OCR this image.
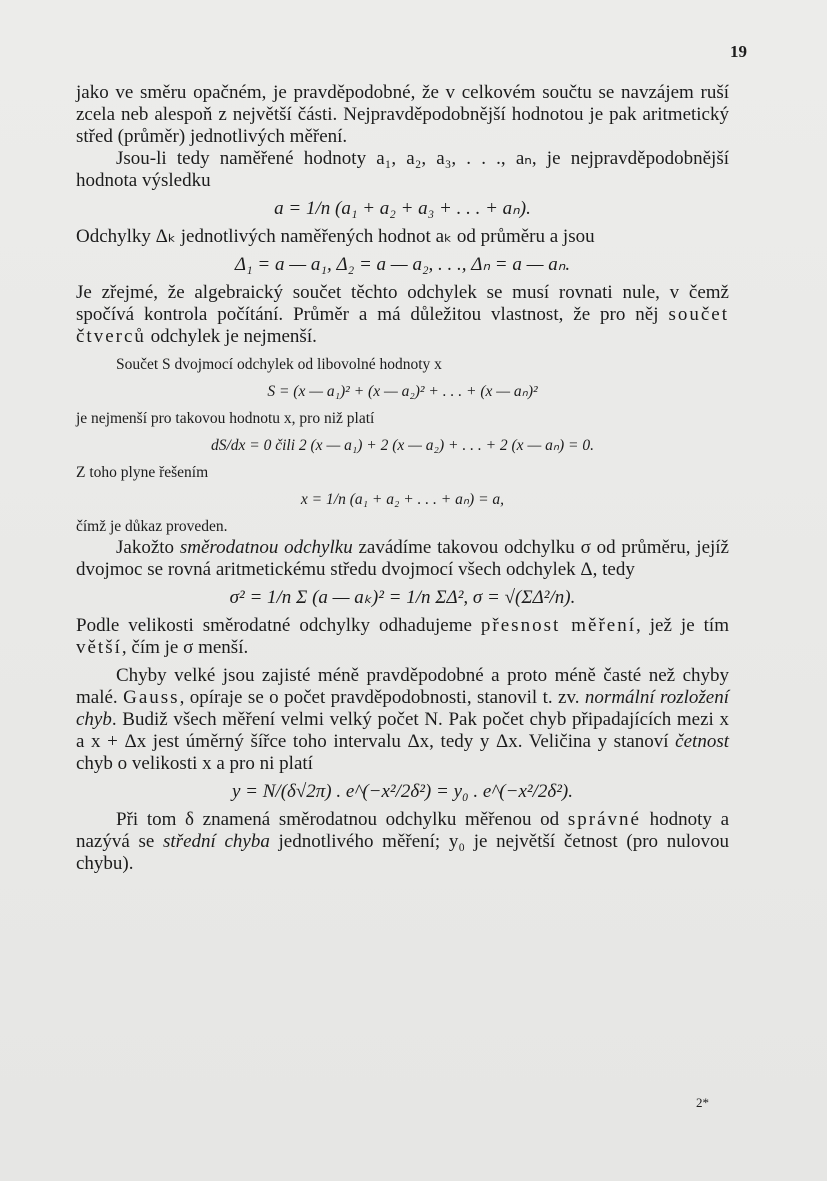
19

jako ve směru opačném, je pravděpodobné, že v celkovém součtu se navzájem ruší zcela neb alespoň z největší části. Nejpravděpodobnější hodnotou je pak aritmetický střed (průměr) jednotlivých měření.

Jsou-li tedy naměřené hodnoty a₁, a₂, a₃, . . ., aₙ, je nejpravděpodobnější hodnota výsledku

a = 1/n (a₁ + a₂ + a₃ + . . . + aₙ).

Odchylky Δₖ jednotlivých naměřených hodnot aₖ od průměru a jsou

Δ₁ = a — a₁, Δ₂ = a — a₂, . . ., Δₙ = a — aₙ.

Je zřejmé, že algebraický součet těchto odchylek se musí rovnati nule, v čemž spočívá kontrola počítání. Průměr a má důležitou vlastnost, že pro něj součet čtverců odchylek je nejmenší.

Součet S dvojmocí odchylek od libovolné hodnoty x

S = (x — a₁)² + (x — a₂)² + . . . + (x — aₙ)²

je nejmenší pro takovou hodnotu x, pro niž platí

dS/dx = 0 čili 2 (x — a₁) + 2 (x — a₂) + . . . + 2 (x — aₙ) = 0.

Z toho plyne řešením

x = 1/n (a₁ + a₂ + . . . + aₙ) = a,

čímž je důkaz proveden.

Jakožto směrodatnou odchylku zavádíme takovou odchylku σ od průměru, jejíž dvojmoc se rovná aritmetickému středu dvojmocí všech odchylek Δ, tedy

σ² = 1/n Σ (a — aₖ)² = 1/n ΣΔ², σ = √(ΣΔ²/n).

Podle velikosti směrodatné odchylky odhadujeme přesnost měření, jež je tím větší, čím je σ menší.

Chyby velké jsou zajisté méně pravděpodobné a proto méně časté než chyby malé. Gauss, opíraje se o počet pravděpodobnosti, stanovil t. zv. normální rozložení chyb. Budiž všech měření velmi velký počet N. Pak počet chyb připadajících mezi x a x + Δx jest úměrný šířce toho intervalu Δx, tedy y Δx. Veličina y stanoví četnost chyb o velikosti x a pro ni platí

y = N/(δ√2π) . e^(−x²/2δ²) = y₀ . e^(−x²/2δ²).

Při tom δ znamená směrodatnou odchylku měřenou od správné hodnoty a nazývá se střední chyba jednotlivého měření; y₀ je největší četnost (pro nulovou chybu).

2*
